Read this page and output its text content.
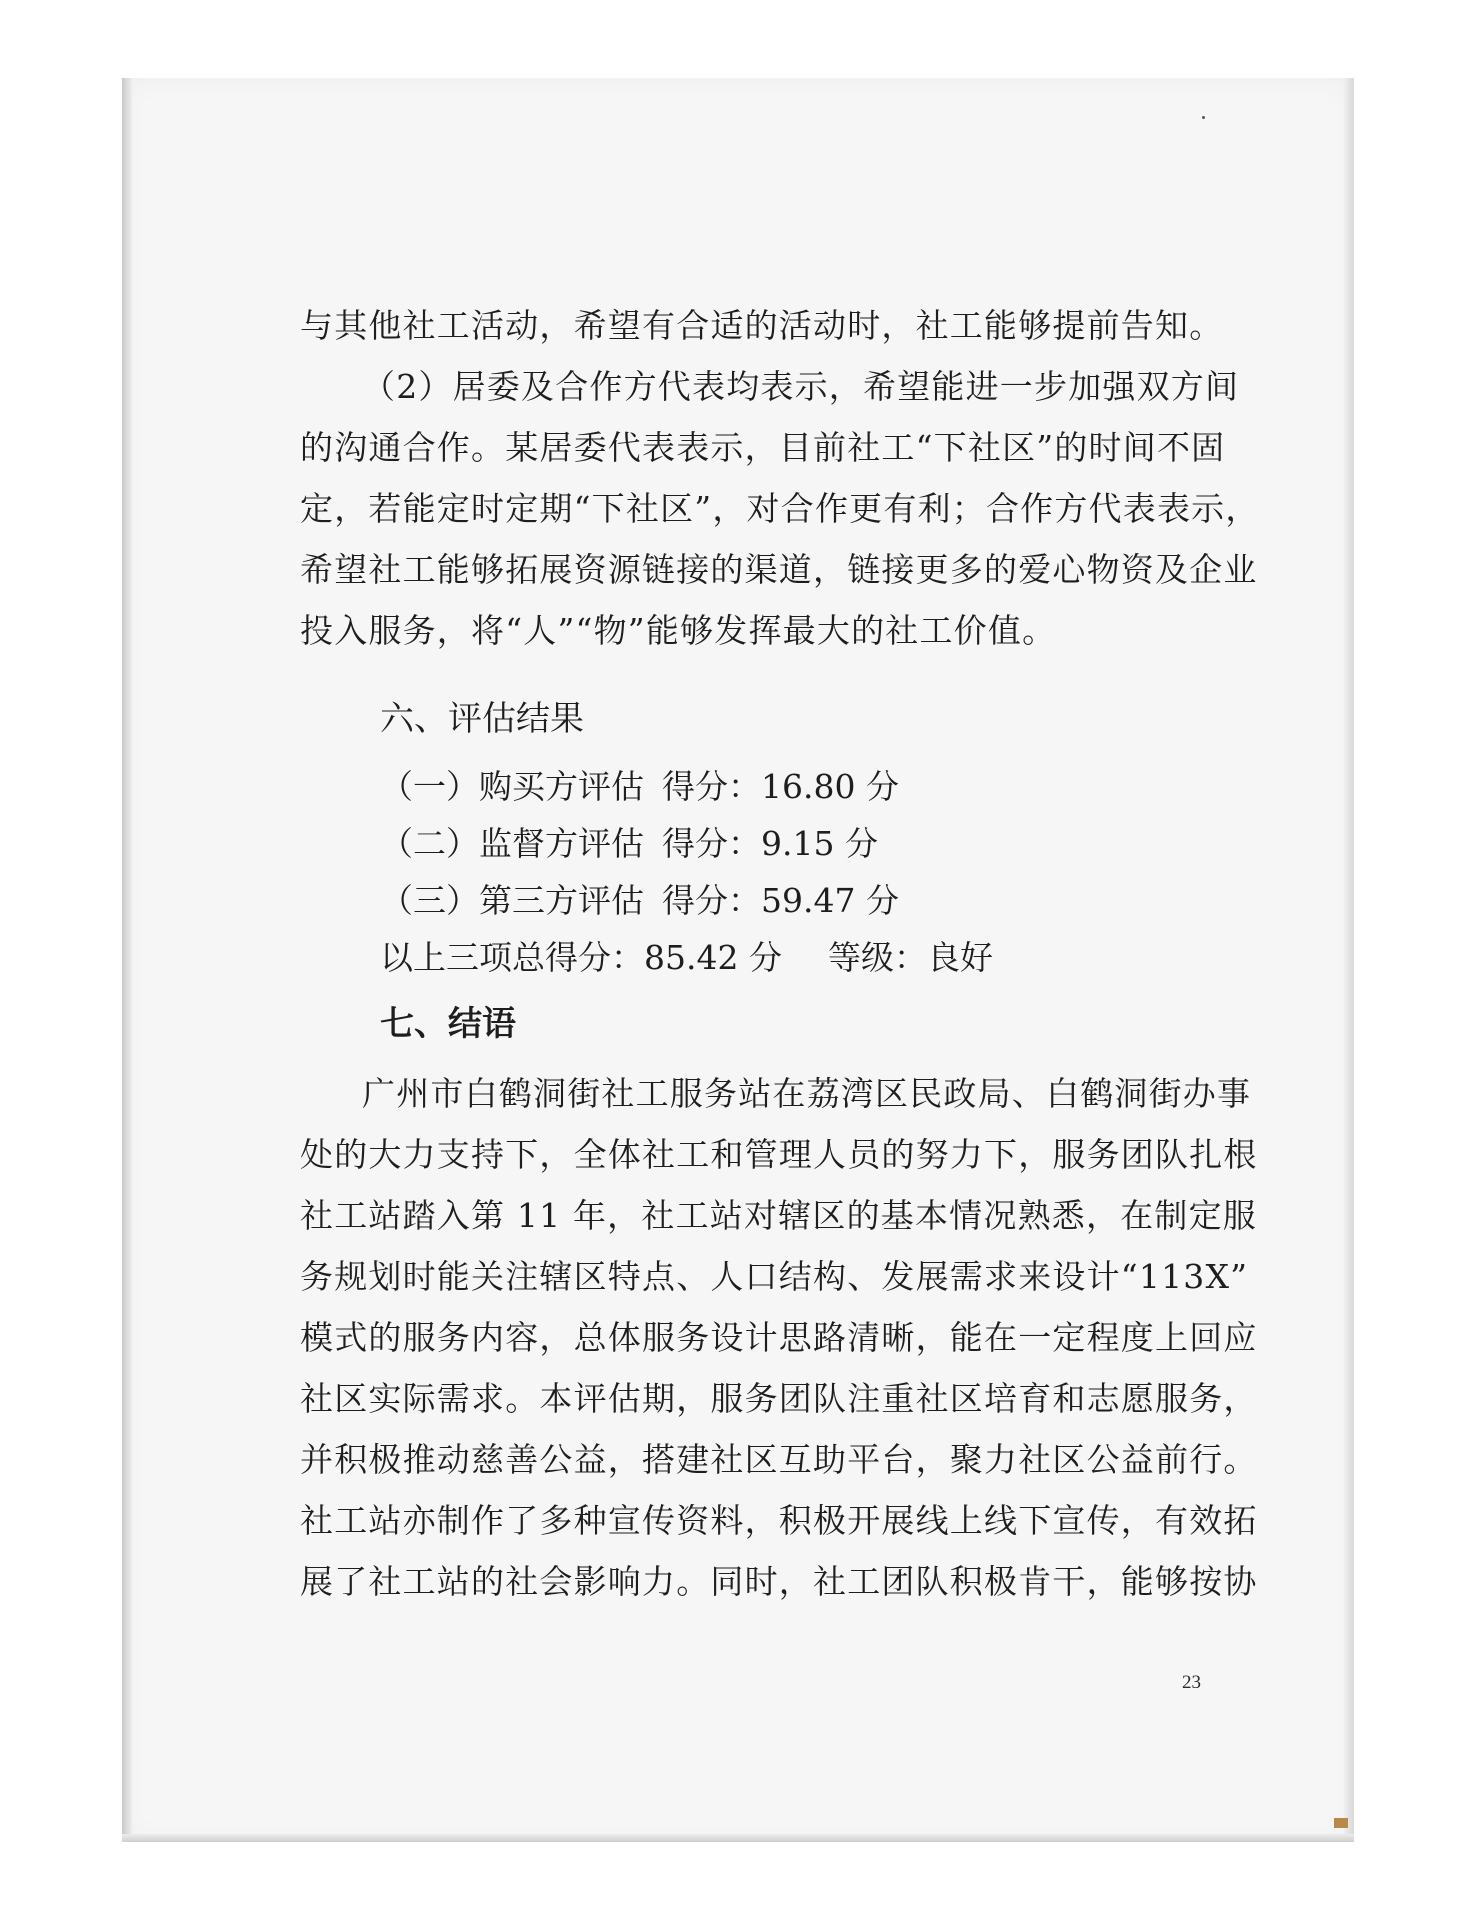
与其他社工活动，希望有合适的活动时，社工能够提前告知。
（2）居委及合作方代表均表示，希望能进一步加强双方间
的沟通合作。某居委代表表示，目前社工“下社区”的时间不固
定，若能定时定期“下社区”，对合作更有利；合作方代表表示，
希望社工能够拓展资源链接的渠道，链接更多的爱心物资及企业
投入服务，将“人”“物”能够发挥最大的社工价值。
六、评估结果
（一）购买方评估 得分：16.80 分
（二）监督方评估 得分：9.15 分
（三）第三方评估 得分：59.47 分
以上三项总得分：85.42 分 等级：良好
七、结语
广州市白鹤洞街社工服务站在荔湾区民政局、白鹤洞街办事
处的大力支持下，全体社工和管理人员的努力下，服务团队扎根
社工站踏入第 11 年，社工站对辖区的基本情况熟悉，在制定服
务规划时能关注辖区特点、人口结构、发展需求来设计“113X”
模式的服务内容，总体服务设计思路清晰，能在一定程度上回应
社区实际需求。本评估期，服务团队注重社区培育和志愿服务，
并积极推动慈善公益，搭建社区互助平台，聚力社区公益前行。
社工站亦制作了多种宣传资料，积极开展线上线下宣传，有效拓
展了社工站的社会影响力。同时，社工团队积极肯干，能够按协
23
